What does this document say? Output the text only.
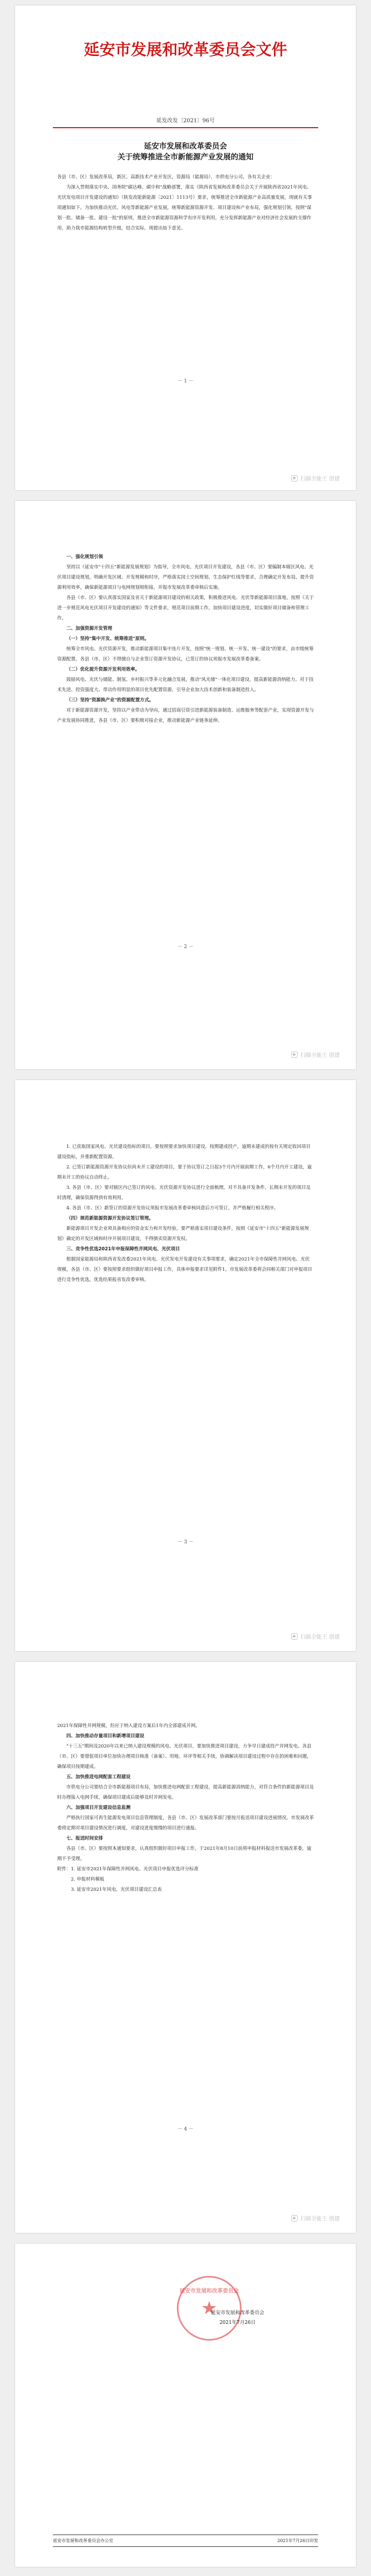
延安市发展和改革委员会文件
延发改发〔2021〕96号
延安市发展和改革委员会
关于统筹推进全市新能源产业发展的通知

各县（市、区）发展改革局，新区、高新技术产业开发区，资源局（能源局），市供电分公司，各有关企业：

为深入贯彻落实中央、国务院"碳达峰、碳中和"战略部署，落实《陕西省发展和改革委员会关于开展陕西省2021年风电、光伏发电项目开发建设的通知》（陕发改能新能源〔2021〕1113号）要求，统筹推进全市新能源产业高质量发展，现就有关事项通知如下。为加快推动光伏、风电等新能源产业发展，统筹新能源资源开发、项目建设和产业布局，强化规划引领，按照"谋划一批、储备一批、建设一批"的原则，推进全市新能源资源科学有序开发利用，充分发挥新能源产业对经济社会发展的支撑作用，助力我市能源结构转型升级，结合实际，现提出如下意见。

－ 1 －
扫描全能王 创建

一、强化规划引领

坚持以《延安市"十四五"新能源发展规划》为指导，全市风电、光伏项目开发建设，各县（市、区）要编制本辖区风电、光伏项目建设规划，明确开发区域、开发规模和时序，严格落实国土空间规划、生态保护红线等要求，合理确定开发布局，提升资源利用效率，确保新能源项目与电网规划相衔接，并报市发展改革委审核后实施。

各县（市、区）要认真落实国家及省关于新能源项目建设的相关政策，积极推进风电、光伏等新能源项目落地，按照《关于进一步规范风电光伏项目开发建设的通知》等文件要求，规范项目前期工作，加快项目建设进度，切实做好项目储备和管理工作。

二、加强资源开发管理

（一）坚持"集中开发、统筹推进"原则。

统筹全市风电、光伏资源开发，推动新能源项目集中连片开发，按照"统一规划、统一开发、统一建设"的要求，由市级统筹资源配置，各县（市、区）不得擅自与企业签订资源开发协议，已签订的协议须报市发展改革委备案。

（二）优化提升资源开发利用效率。

鼓励风电、光伏与储能、制氢、乡村振兴等多元化融合发展，推动"风光储"一体化项目建设，提高新能源消纳能力。对于技术先进、投资强度大、带动作用明显的项目优先配置资源，引导企业加大技术创新和装备制造投入。

（三）坚持"资源换产业"的资源配置方式。

对于新能源资源开发，坚持以产业带动为导向，通过招商引资引进新能源装备制造、运维服务等配套产业，实现资源开发与产业发展协同推进，各县（市、区）要积极对接企业，推动新能源产业链条延伸。

－ 2 －
扫描全能王 创建

1. 已获取国家风电、光伏建设指标的项目，要按照要求加快项目建设，按期建成投产，逾期未建成的按有关规定收回项目建设指标，并重新配置资源。

2. 已签订新能源资源开发协议但尚未开工建设的项目，要于协议签订之日起3个月内开展前期工作，6个月内开工建设，逾期未开工的协议自动终止。

3. 各县（市、区）要对辖区内已签订的风电、光伏资源开发协议进行全面梳理，对不具备开发条件、长期未开发的项目及时清理，确保资源得到有效利用。

4. 各县（市、区）新签订的资源开发协议须报市发展改革委审核同意后方可签订，并严格履行相关程序。

（四）规范新能源资源开发协议签订管理。

新能源项目开发企业须具备相应的资金实力和开发经验，要严格落实项目建设条件，按照《延安市"十四五"新能源发展规划》确定的开发区域和时序开展项目建设，不得倒卖资源开发权。

三、竞争性优选2021年申报保障性并网风电、光伏项目

根据国家能源局和陕西省发改委2021年风电、光伏发电开发建设有关事项要求，确定2021年全市保障性并网风电、光伏规模，各县（市、区）要按照要求组织做好项目申报工作，具体申报要求详见附件1。市发展改革委将会同相关部门对申报项目进行竞争性优选，优选结果报省发改委审核。

－ 3 －
扫描全能王 创建

2021年保障性并网规模，但应于纳入建设方案后1年内全部建成并网。

四、加快推动存量项目和新增项目建设

"十三五"期间及2020年以来已纳入建设规模的风电、光伏项目，要加快推进项目建设，力争早日建成投产并网发电。各县（市、区）要督促项目单位加快办理项目核准（备案）、用地、环评等相关手续，协调解决项目建设过程中存在的困难和问题，确保项目按期建成。

五、加快推进电网配套工程建设

市供电分公司要结合全市新能源项目布局，加快推进电网配套工程建设，提高新能源消纳能力，对符合条件的新能源项目及时办理接入电网手续，确保项目建成后能够及时并网发电。

六、加强项目开发建设信息监测

严格执行国家可再生能源发电项目信息管理制度，各县（市、区）发展改革部门要按月报送项目建设进展情况，市发展改革委将定期对项目建设情况进行调度，对建设进度缓慢的项目进行通报。

七、报送时间安排

各县（市、区）要按照本通知要求，认真组织做好项目申报工作，于2021年8月10日前将申报材料报送市发展改革委，逾期不予受理。

附件：1. 延安市2021年保障性并网风电、光伏项目申报优选评分标准

　　　2. 申报材料模板

　　　3. 延安市2021年风电、光伏项目建设汇总表

－ 4 －
扫描全能王 创建
延安市发展和改革委员会
★
延安市发展和改革委员会
2021年7月26日
延安市发展和改革委员会办公室	2021年7月26日印发
